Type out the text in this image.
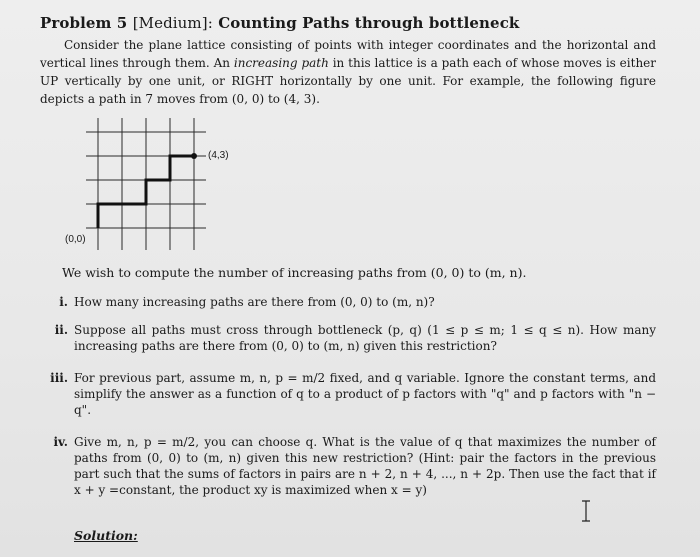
Problem 5 [Medium]: Counting Paths through bottleneck
Consider the plane lattice consisting of points with integer coordinates and the horizontal and vertical lines through them. An increasing path in this lattice is a path each of whose moves is either UP vertically by one unit, or RIGHT horizontally by one unit. For example, the following figure depicts a path in 7 moves from (0, 0) to (4, 3).
(4,3)
(0,0)
We wish to compute the number of increasing paths from (0, 0) to (m, n).
i. How many increasing paths are there from (0, 0) to (m, n)?
ii. Suppose all paths must cross through bottleneck (p, q) (1 ≤ p ≤ m; 1 ≤ q ≤ n). How many increasing paths are there from (0, 0) to (m, n) given this restriction?
iii. For previous part, assume m, n, p = m/2 fixed, and q variable. Ignore the constant terms, and simplify the answer as a function of q to a product of p factors with "q" and p factors with "n − q".
iv. Give m, n, p = m/2, you can choose q. What is the value of q that maximizes the number of paths from (0, 0) to (m, n) given this new restriction? (Hint: pair the factors in the previous part such that the sums of factors in pairs are n + 2, n + 4, ..., n + 2p. Then use the fact that if x + y =constant, the product xy is maximized when x = y)
Solution:
